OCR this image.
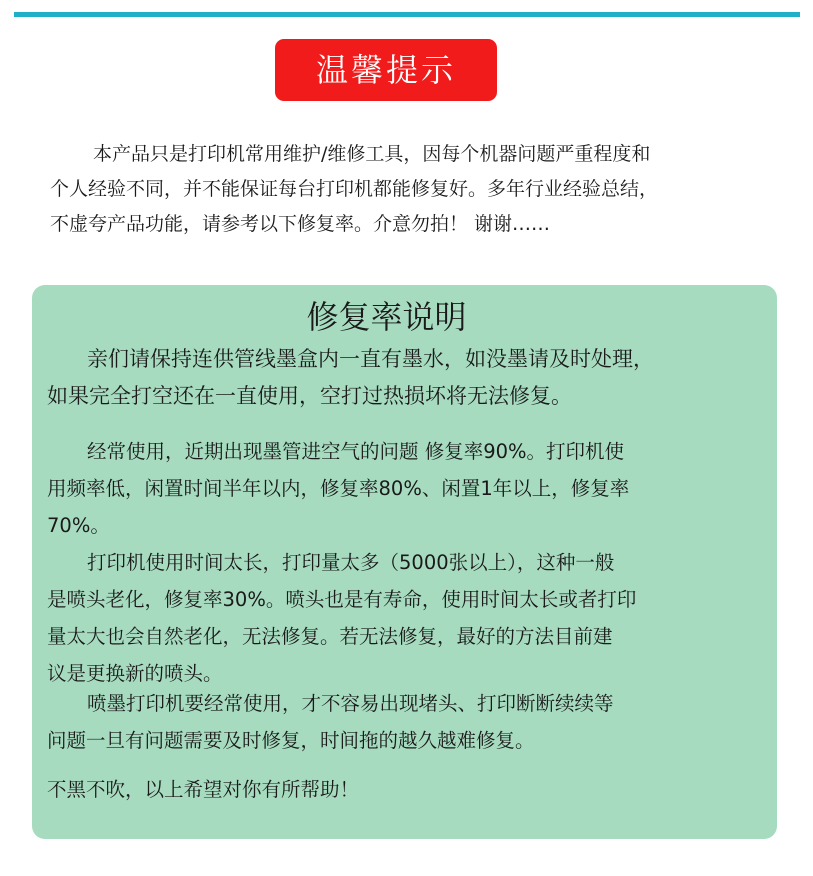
温馨提示

本产品只是打印机常用维护/维修工具，因每个机器问题严重程度和
个人经验不同，并不能保证每台打印机都能修复好。多年行业经验总结，
不虚夸产品功能，请参考以下修复率。介意勿拍！ 谢谢……

修复率说明

亲们请保持连供管线墨盒内一直有墨水，如没墨请及时处理，
如果完全打空还在一直使用，空打过热损坏将无法修复。

经常使用，近期出现墨管进空气的问题 修复率90%。打印机使
用频率低，闲置时间半年以内，修复率80%、闲置1年以上，修复率
70%。

打印机使用时间太长，打印量太多（5000张以上），这种一般
是喷头老化，修复率30%。喷头也是有寿命，使用时间太长或者打印
量太大也会自然老化，无法修复。若无法修复，最好的方法目前建
议是更换新的喷头。

喷墨打印机要经常使用，才不容易出现堵头、打印断断续续等
问题一旦有问题需要及时修复，时间拖的越久越难修复。

不黑不吹，以上希望对你有所帮助！
